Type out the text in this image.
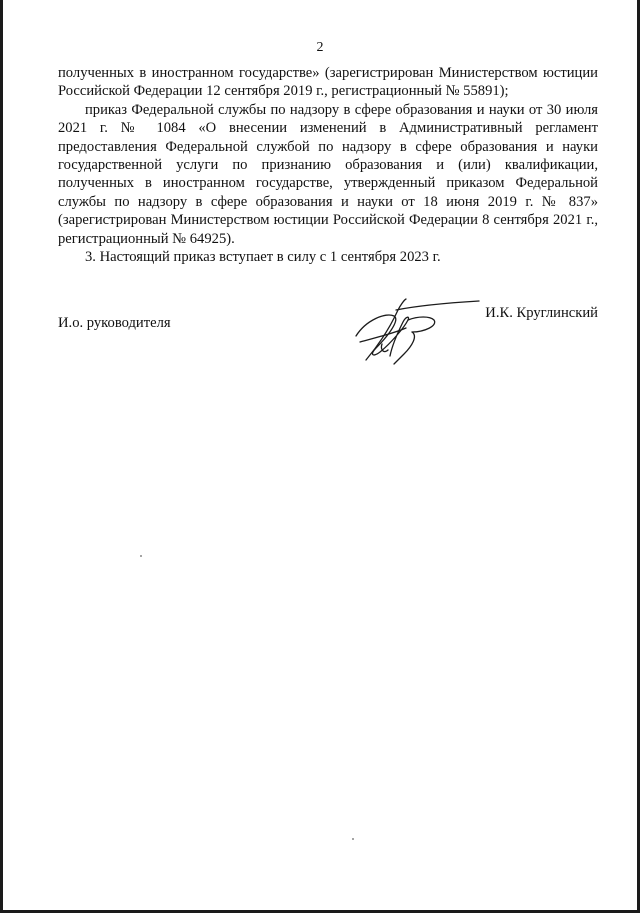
2

полученных в иностранном государстве» (зарегистрирован Министерством юстиции Российской Федерации 12 сентября 2019 г., регистрационный № 55891);

приказ Федеральной службы по надзору в сфере образования и науки от 30 июля 2021 г. № 1084 «О внесении изменений в Административный регламент предоставления Федеральной службой по надзору в сфере образования и науки государственной услуги по признанию образования и (или) квалификации, полученных в иностранном государстве, утвержденный приказом Федеральной службы по надзору в сфере образования и науки от 18 июня 2019 г. № 837» (зарегистрирован Министерством юстиции Российской Федерации 8 сентября 2021 г., регистрационный № 64925).

3. Настоящий приказ вступает в силу с 1 сентября 2023 г.

И.о. руководителя
И.К. Круглинский
